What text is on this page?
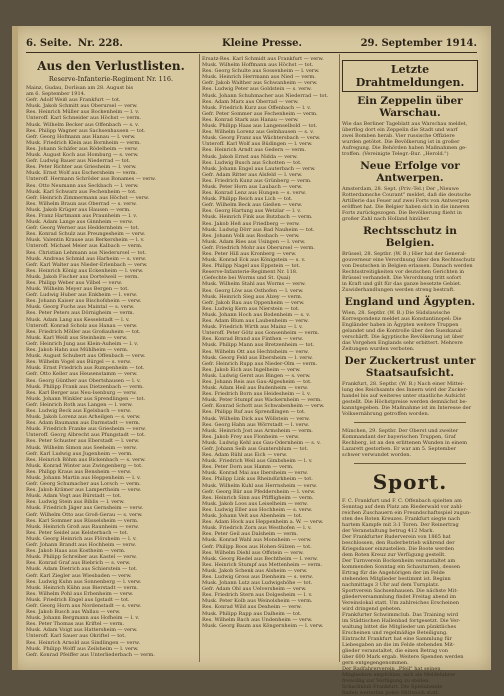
6. Seite. Nr. 228.	Kleine Presse.	29. September 1914.
Aus den Verlustlisten.
Reserve-Infanterie-Regiment Nr. 116.
Mainz, Gudau, Dorlisan am 28. August bis
am 6. September 1914.
Gefr. Adolf Weiß aus Frankfurt — tot.
Musk. Jakob Schmitt aus Oberursel — verw.
Res. Heinrich Müller aus Bockenheim — l. v.
Unteroff. Karl Schneider aus Höchst — verm.
Musk. Wilhelm Becker aus Offenbach — s. v.
Res. Philipp Wagner aus Sachsenhausen — tot.
Gefr. Georg Hofmann aus Hanau — l. verw.
Musk. Friedrich Klein aus Bornheim — verm.
Res. Johann Schäfer aus Rödelheim — verw.
Musk. August Koch aus Homburg — s. verw.
Gefr. Ludwig Bauer aus Niederrad — tot.
Res. Peter Richter aus Griesheim — l. verw.
Musk. Ernst Wolf aus Eschersheim — verm.
Unteroff. Hermann Schröder aus Bonames — verw.
Res. Otto Neumann aus Seckbach — l. verw.
Musk. Karl Schwarz aus Fechenheim — tot.
Gefr. Heinrich Zimmermann aus Höchst — verw.
Res. Wilhelm Braun aus Oberrad — s. verw.
Musk. Jakob Krüger aus Hausen — verm.
Res. Franz Hartmann aus Praunheim — l. v.
Musk. Adam Lange aus Ginnheim — verw.
Gefr. Georg Werner aus Heddernheim — tot.
Res. Konrad Schulz aus Preungesheim — verw.
Musk. Valentin Krause aus Berkersheim — l. v.
Unteroff. Michael Meier aus Kalbach — verm.
Res. Christian Lehmann aus Niederursel — tot.
Musk. Andreas Schmid aus Harheim — s. verw.
Gefr. Karl Walter aus Nieder-Erlenbach — verw.
Res. Heinrich König aus Eckenheim — l. verw.
Musk. Jakob Fischer aus Dortelweil — verm.
Res. Philipp Weber aus Vilbel — verw.
Musk. Wilhelm Meyer aus Bergen — tot.
Gefr. Ludwig Huber aus Enkheim — l. verw.
Res. Johann Kaiser aus Bischofsheim — verw.
Musk. Georg Fuchs aus Maintal — s. verw.
Res. Peter Peters aus Dörnigheim — verm.
Musk. Adam Lang aus Kesselstadt — l. v.
Unteroff. Konrad Scholz aus Hanau — verw.
Res. Friedrich Möller aus Großauheim — tot.
Musk. Karl Weiß aus Steinheim — verw.
Gefr. Heinrich Jung aus Klein-Auheim — l. v.
Res. Jakob Hahn aus Mühlheim — verm.
Musk. August Schubert aus Offenbach — verw.
Res. Wilhelm Vogel aus Bürgel — s. verw.
Musk. Ernst Friedrich aus Rumpenheim — tot.
Gefr. Otto Keller aus Heusenstamm — verw.
Res. Georg Günther aus Obertshausen — l. v.
Musk. Philipp Frank aus Dietzenbach — verm.
Res. Karl Berger aus Neu-Isenburg — verw.
Musk. Johann Winkler aus Sprendlingen — tot.
Gefr. Heinrich Roth aus Langen — l. verw.
Res. Ludwig Beck aus Egelsbach — verw.
Musk. Jakob Lorenz aus Arheilgen — s. verw.
Res. Adam Baumann aus Darmstadt — verm.
Musk. Friedrich Franke aus Griesheim — verw.
Unteroff. Georg Albrecht aus Pfungstadt — tot.
Res. Peter Schuster aus Eberstadt — l. verw.
Musk. Wilhelm Simon aus Seeheim — verw.
Gefr. Karl Ludwig aus Jugenheim — verm.
Res. Heinrich Böhm aus Bickenbach — s. verw.
Musk. Konrad Winter aus Zwingenberg — tot.
Res. Philipp Kraus aus Bensheim — verw.
Musk. Johann Martin aus Heppenheim — l. v.
Gefr. Georg Schumacher aus Lorsch — verm.
Res. Jakob Krämer aus Lampertheim — verw.
Musk. Adam Vogt aus Bürstadt — tot.
Res. Ludwig Stein aus Biblis — l. verw.
Musk. Friedrich Jäger aus Gernsheim — verw.
Gefr. Wilhelm Otto aus Groß-Gerau — s. verw.
Res. Karl Sommer aus Rüsselsheim — verm.
Musk. Heinrich Groß aus Raunheim — verw.
Res. Peter Seidel aus Kelsterbach — tot.
Musk. Georg Heinrich aus Flörsheim — l. v.
Gefr. Johann Brandt aus Hochheim — verw.
Res. Jakob Haas aus Kostheim — verm.
Musk. Philipp Schreiber aus Kastel — verw.
Res. Konrad Graf aus Biebrich — s. verw.
Musk. Adam Dietrich aus Schierstein — tot.
Gefr. Karl Ziegler aus Wiesbaden — verw.
Res. Ludwig Kuhn aus Sonnenberg — l. verw.
Musk. Heinrich Kühn aus Bierstadt — verm.
Res. Wilhelm Pohl aus Erbenheim — verw.
Musk. Friedrich Engel aus Igstadt — tot.
Gefr. Georg Horn aus Nordenstadt — s. verw.
Res. Jakob Busch aus Wallau — verw.
Musk. Johann Bergmann aus Hofheim — l. v.
Res. Peter Thomas aus Kriftel — verm.
Musk. Adam Voigt aus Hattersheim — verw.
Unteroff. Karl Sauer aus Okriftel — tot.
Res. Heinrich Arnold aus Sindlingen — verw.
Musk. Philipp Wolff aus Zeilsheim — l. verw.
Gefr. Konrad Pfeiffer aus Unterliederbach — verm.
Ersatz-Res. Karl Schmidt aus Frankfurt — verw.
Musk. Wilhelm Hoffmann aus Höchst — tot.
Res. Georg Schulte aus Sossenheim — l. verw.
Musk. Heinrich Herrmann aus Nied — verm.
Gefr. Jakob Walther aus Schwanheim — verw.
Res. Ludwig Peter aus Goldstein — s. verw.
Musk. Johann Schuhmacher aus Niederrad — tot.
Res. Adam Marx aus Oberrad — verw.
Musk. Friedrich Kurz aus Offenbach — l. v.
Gefr. Peter Sommer aus Fechenheim — verm.
Res. Konrad Stark aus Hanau — verw.
Musk. Philipp Haas aus Langenselbold — tot.
Res. Wilhelm Lorenz aus Gelnhausen — s. v.
Musk. Georg Franz aus Wächtersbach — verw.
Unteroff. Karl Wolf aus Büdingen — l. verw.
Res. Heinrich Arndt aus Gedern — verm.
Musk. Jakob Ernst aus Nidda — verw.
Res. Ludwig Busch aus Schotten — tot.
Musk. Johann Engel aus Lauterbach — verw.
Gefr. Adam Ritter aus Alsfeld — l. verw.
Res. Friedrich Kunz aus Grünberg — verm.
Musk. Peter Horn aus Laubach — verw.
Res. Konrad Lenz aus Hungen — s. verw.
Musk. Philipp Reich aus Lich — tot.
Gefr. Wilhelm Beck aus Gießen — verw.
Res. Georg Hartung aus Wetzlar — l. v.
Musk. Heinrich Fink aus Butzbach — verm.
Res. Jakob Heß aus Friedberg — verw.
Musk. Ludwig Dörr aus Bad Nauheim — tot.
Res. Johann Volk aus Rosbach — verw.
Musk. Adam Ries aus Usingen — l. verw.
Gefr. Friedrich Mohr aus Oberursel — verm.
Res. Peter Hill aus Kronberg — verw.
Musk. Konrad Eck aus Königstein — s. v.
Res. Philipp Nagel aus Eppstein — tot.
Reserve-Infanterie-Regiment Nr. 118.
(Gefechte bei Worms und St. Quai)
Musk. Wilhelm Stahl aus Worms — verw.
Res. Georg Löw aus Osthofen — l. verw.
Musk. Heinrich Sieg aus Alzey — verm.
Gefr. Jakob Rau aus Oppenheim — verw.
Res. Ludwig Kern aus Nierstein — tot.
Musk. Johann Hoch aus Bodenheim — s. v.
Res. Adam Blum aus Laubenheim — verw.
Musk. Friedrich Wirth aus Mainz — l. v.
Unteroff. Peter Götz aus Gonsenheim — verm.
Res. Konrad Brand aus Finthen — verw.
Musk. Philipp Mann aus Bretzenheim — tot.
Res. Wilhelm Ott aus Hechtsheim — verw.
Musk. Georg Feld aus Ebersheim — l. verw.
Gefr. Heinrich Rupp aus Nieder-Olm — verm.
Res. Jakob Eich aus Ingelheim — verw.
Musk. Ludwig Gerst aus Bingen — s. verw.
Res. Johann Reis aus Gau-Algesheim — tot.
Musk. Adam Heil aus Budenheim — verw.
Res. Friedrich Born aus Heidesheim — l. v.
Musk. Peter Stumpf aus Wackernheim — verm.
Gefr. Konrad Schott aus Schwabenheim — verw.
Res. Philipp Ruf aus Sprendlingen — tot.
Musk. Wilhelm Dick aus Wöllstein — verw.
Res. Georg Hahn aus Wörrstadt — l. verw.
Musk. Heinrich Jost aus Armsheim — verm.
Res. Jakob Frey aus Flonheim — verw.
Musk. Ludwig Kehl aus Gau-Odernheim — s. v.
Gefr. Johann Seib aus Guntersblum — tot.
Res. Adam Rühl aus Eich — verw.
Musk. Friedrich Weil aus Gimbsheim — l. v.
Res. Peter Dorn aus Hamm — verm.
Musk. Konrad Mai aus Ibersheim — verw.
Res. Philipp Link aus Rheindürkheim — tot.
Musk. Wilhelm Kuhl aus Herrnsheim — verw.
Gefr. Georg Bär aus Pfeddersheim — l. verw.
Res. Heinrich Sinn aus Pfiffligheim — verm.
Musk. Jakob Loos aus Leiselheim — verw.
Res. Ludwig Eller aus Hochheim — s. verw.
Musk. Johann Veit aus Abenheim — tot.
Res. Adam Hock aus Heppenheim a. W. — verw.
Musk. Friedrich Zorn aus Westhofen — l. v.
Res. Peter Geil aus Dalsheim — verm.
Musk. Konrad Wahl aus Monsheim — verw.
Gefr. Philipp Boos aus Hohen-Sülzen — tot.
Res. Wilhelm Diehl aus Offstein — verw.
Musk. Georg Riedel aus Bechtheim — l. verw.
Res. Heinrich Stumpf aus Mettenheim — verm.
Musk. Jakob Schenk aus Alsheim — verw.
Res. Ludwig Gross aus Dienheim — s. verw.
Musk. Johann Lutz aus Ludwigshöhe — tot.
Gefr. Adam Ohl aus Uelversheim — verw.
Res. Friedrich Stern aus Dolgesheim — l. v.
Musk. Peter Kolb aus Weinolsheim — verm.
Res. Konrad Wild aus Dexheim — verw.
Musk. Philipp Rapp aus Dalheim — tot.
Res. Wilhelm Bach aus Undenheim — verw.
Musk. Georg Baum aus Köngernheim — l. verw.
Letzte Drahtmeldungen.
Ein Zeppelin über Warschau.
Wie das Berliner Tageblatt aus Warschau meldet,
überflog dort ein Zeppelin die Stadt und warf
zwei Bomben herab. Vier russische Offiziere
wurden getötet. Die Bevölkerung ist in großer
Aufregung. Die Behörden haben Maßnahmen ge-
troffen. (Vereinigte Telegr.-Bur. „Herold.")
Neue Erfolge vor Antwerpen.
Amsterdam, 28. Sept. (Priv.-Tel.) Der „Nieuwe
Rotterdamsche Courant" meldet, daß die deutsche
Artillerie das Feuer auf zwei Forts von Antwerpen
eröffnet hat. Die Belgier haben sich in die inneren
Forts zurückgezogen. Die Bevölkerung flieht in
großer Zahl nach Holland hinüber.
Rechtsschutz in Belgien.
Brüssel, 28. Septbr. (W. B.) Hier hat der General-
gouverneur eine Verordnung über den Rechtsschutz
von Deutschen in Belgien erlassen. Danach werden
Rechtsstreitigkeiten vor deutschen Gerichten in
Brüssel verhandelt. Die Verordnung tritt sofort
in Kraft und gilt für das ganze besetzte Gebiet.
Zuwiderhandlungen werden streng bestraft.
England und Ägypten.
Wien, 28. Septbr. (W. B.) Die Südslawische
Korrespondenz meldet aus Konstantinopel: Die
Engländer haben in Ägypten weitere Truppen
gelandet und die Kontrolle über den Suezkanal
verschärft. Die ägyptische Bevölkerung ist über
das Vorgehen Englands sehr erbittert. Mehrere
Zeitungen wurden verboten.
Der Zuckertrust unter Staatsaufsicht.
Frankfurt, 28. Septbr. (W. B.) Nach einer Mittei-
lung des Reichsamts des Innern wird der Zucker-
handel bis auf weiteres unter staatliche Aufsicht
gestellt. Die Höchstpreise werden demnächst be-
kanntgegeben. Die Maßnahme ist im Interesse der
Volksernährung getroffen worden.
München, 29. Septbr. Der Oberst und zweiter
Kommandant der bayerischen Truppen, Graf
Rechberg, ist an den erlittenen Wunden in einem
Lazarett gestorben. Er war am 5. September
schwer verwundet worden.
Sport.
F. C. Frankfurt und F. C. Offenbach spielten am
Sonntag auf dem Platz am Riederwald vor zahl-
reichen Zuschauern ein Freundschaftsspiel zugun-
sten des Roten Kreuzes. Frankfurt siegte nach
hartem Kampfe mit 3:1 Toren. Der Reinertrag
der Veranstaltung betrug 412 Mark.
Der Frankfurter Ruderverein von 1865 hat
beschlossen, den Ruderbetrieb während der
Kriegsdauer einzustellen. Die Boote werden
dem Roten Kreuz zur Verfügung gestellt.
Der Turnverein Bockenheim veranstaltet am
kommenden Sonntag ein Schauturnen, dessen
Ertrag für die Angehörigen der im Felde
stehenden Mitglieder bestimmt ist. Beginn
nachmittags 3 Uhr auf dem Turnplatz.
Sportverein Sachsenhausen. Die nächste Mit-
gliederversammlung findet Freitag abend im
Vereinslokal statt. Um zahlreiches Erscheinen
wird dringend gebeten.
Frankfurter Schwimmclub. Das Training wird
im Städtischen Hallenbad fortgesetzt. Die Ver-
waltung bittet die Mitglieder um pünktliches
Erscheinen und regelmäßige Beteiligung.
Eintracht Frankfurt hat eine Sammlung für
Liebesgaben an die im Felde stehenden Mit-
glieder veranstaltet, die einen Betrag von
über 600 Mark ergab. Weitere Spenden werden
gern entgegengenommen.
Der Radfahrerverein „Pfeil" hat seinen
Mitgliedern empfohlen, sich als Meldefahrer
freiwillig zur Verfügung zu stellen.
Schachklub Frankfurt. Die Spielabende
finden weiterhin jeden Mittwoch statt.
